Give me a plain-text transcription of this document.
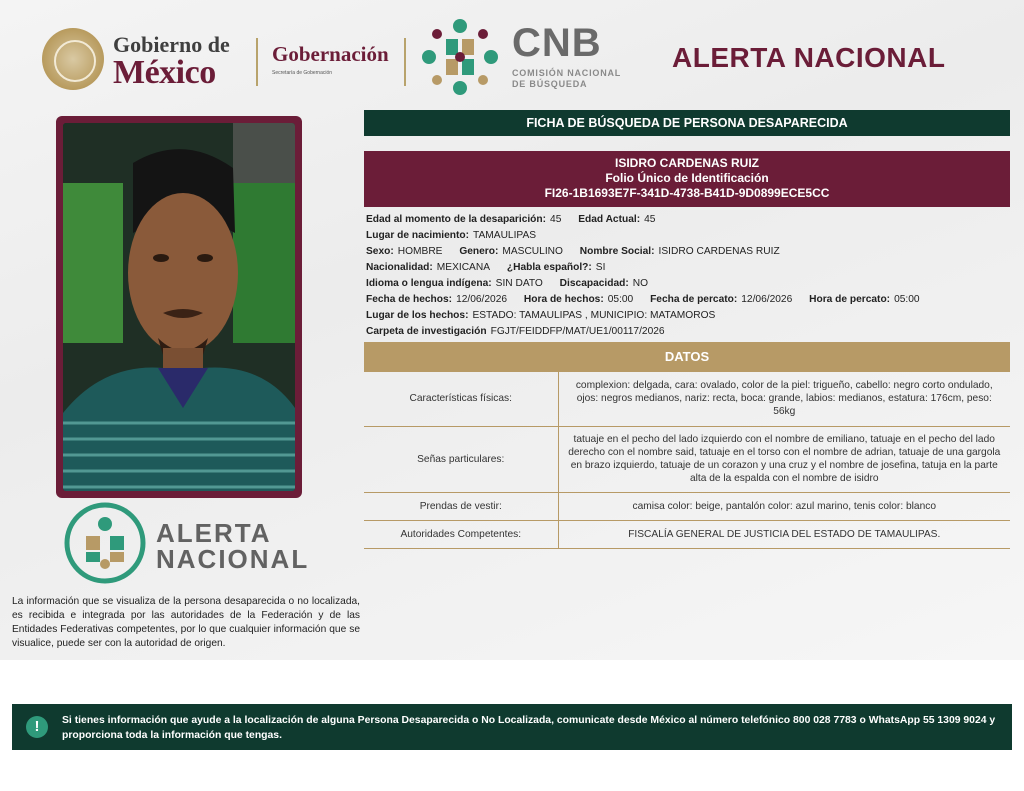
Gobierno de
México	Gobernación
Secretaría de Gobernación
CNB
COMISIÓN NACIONAL
DE BÚSQUEDA
ALERTA NACIONAL
ALERTA
NACIONAL
La información que se visualiza de la persona desaparecida o no localizada, es recibida e integrada por las autoridades de la Federación y de las Entidades Federativas competentes, por lo que cualquier información que se visualice, puede ser con la autoridad de origen.
FICHA DE BÚSQUEDA DE PERSONA DESAPARECIDA
ISIDRO CARDENAS RUIZ
Folio Único de Identificación
FI26-1B1693E7F-341D-4738-B41D-9D0899ECE5CC
Edad al momento de la desaparición: 45 Edad Actual: 45
Lugar de nacimiento: TAMAULIPAS
Sexo: HOMBRE Genero: MASCULINO Nombre Social: ISIDRO CARDENAS RUIZ
Nacionalidad: MEXICANA ¿Habla español?: SI
Idioma o lengua indígena: SIN DATO Discapacidad: NO
Fecha de hechos: 12/06/2026 Hora de hechos: 05:00 Fecha de percato: 12/06/2026 Hora de percato: 05:00
Lugar de los hechos: ESTADO: TAMAULIPAS , MUNICIPIO: MATAMOROS
Carpeta de investigación FGJT/FEIDDFP/MAT/UE1/00117/2026
DATOS
Características físicas:	complexion: delgada, cara: ovalado, color de la piel: trigueño, cabello: negro corto ondulado, ojos: negros medianos, nariz: recta, boca: grande, labios: medianos, estatura: 176cm, peso: 56kg
Señas particulares:	tatuaje en el pecho del lado izquierdo con el nombre de emiliano, tatuaje en el pecho del lado derecho con el nombre said, tatuaje en el torso con el nombre de adrian, tatuaje de una gargola en brazo izquierdo, tatuaje de un corazon y una cruz y el nombre de josefina, tatuja en la parte alta de la espalda con el nombre de isidro
Prendas de vestir:	camisa color: beige, pantalón color: azul marino, tenis color: blanco
Autoridades Competentes:	FISCALÍA GENERAL DE JUSTICIA DEL ESTADO DE TAMAULIPAS.
!	Si tienes información que ayude a la localización de alguna Persona Desaparecida o No Localizada, comunicate desde México al número telefónico 800 028 7783 o WhatsApp 55 1309 9024 y proporciona toda la información que tengas.
